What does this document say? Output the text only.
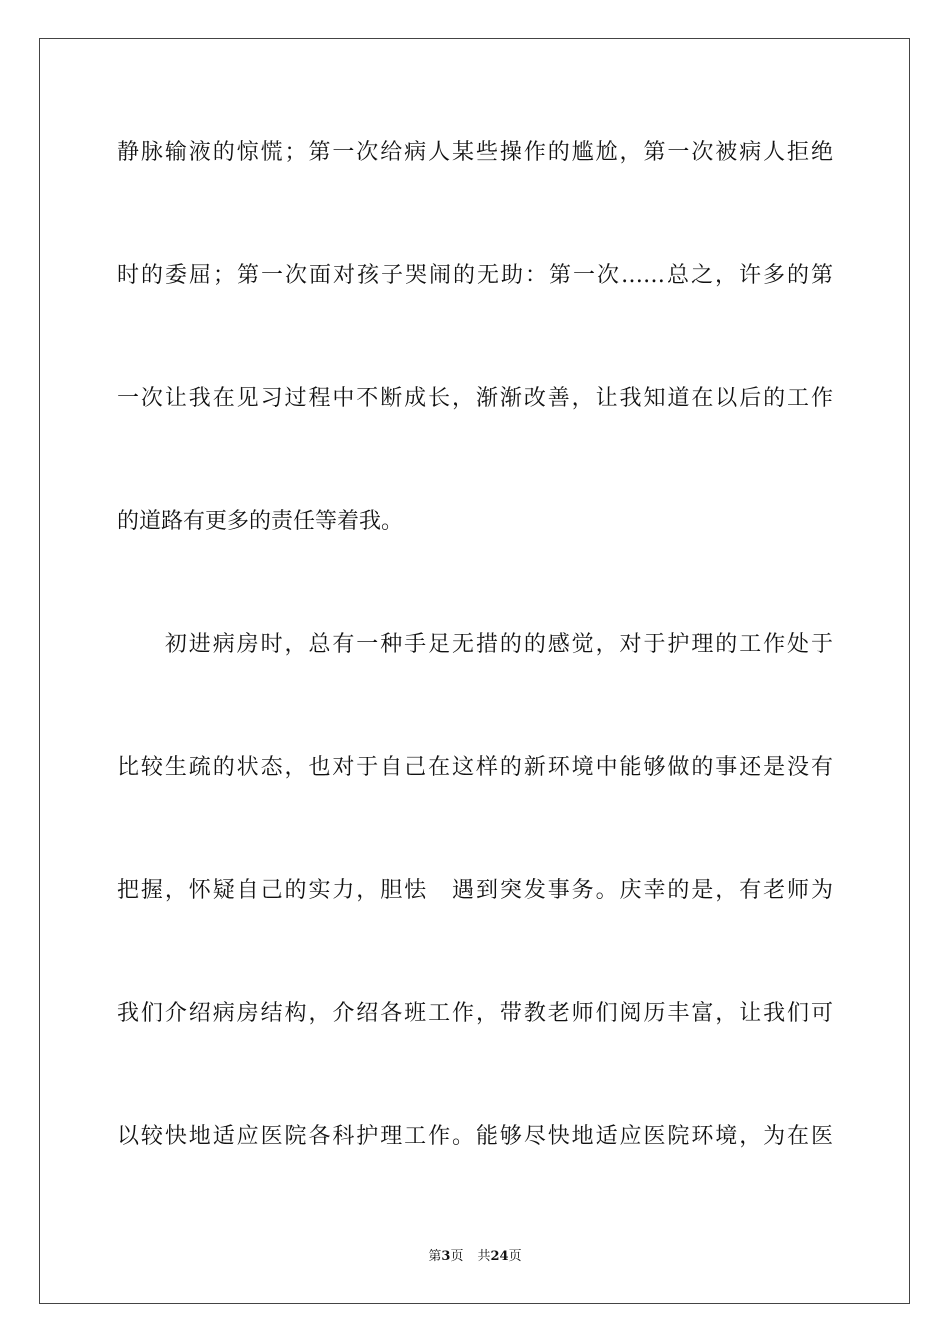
静脉输液的惊慌；第一次给病人某些操作的尴尬，第一次被病人拒绝
时的委屈；第一次面对孩子哭闹的无助：第一次……总之，许多的第
一次让我在见习过程中不断成长，渐渐改善，让我知道在以后的工作
的道路有更多的责任等着我。
　　初进病房时，总有一种手足无措的的感觉，对于护理的工作处于
比较生疏的状态，也对于自己在这样的新环境中能够做的事还是没有
把握，怀疑自己的实力，胆怯　遇到突发事务。庆幸的是，有老师为
我们介绍病房结构，介绍各班工作，带教老师们阅历丰富，让我们可
以较快地适应医院各科护理工作。能够尽快地适应医院环境，为在医
第3页 共24页
